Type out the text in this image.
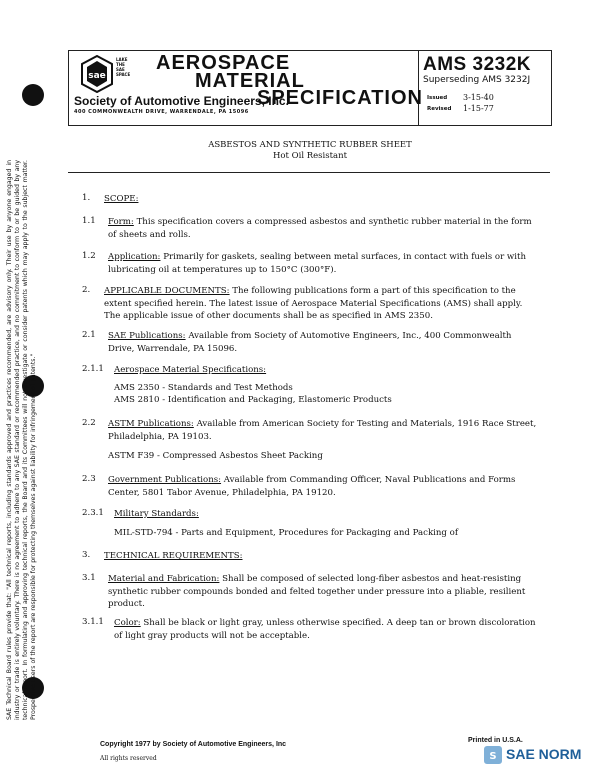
sae
LAKE
THE
SAE
SPACE
AEROSPACE
MATERIAL
SPECIFICATION
Society of Automotive Engineers, Inc.
400 COMMONWEALTH DRIVE, WARRENDALE, PA 15096
AMS 3232K
Superseding AMS 3232J
Issued 3-15-40
Revised 1-15-77
ASBESTOS AND SYNTHETIC RUBBER SHEET
Hot Oil Resistant
SAE Technical Board rules provide that: "All technical reports, including standards approved and practices recommended, are advisory only. Their use by anyone engaged in industry or trade is entirely voluntary. There is no agreement to adhere to any SAE standard or recommended practice, and no commitment to conform to or be guided by any technical report. In formulating and approving technical reports, the Board and its Committees will not investigate or consider patents which may apply to the subject matter. Prospective users of the report are responsible for protecting themselves against liability for infringement of patents."
1. SCOPE:
1.1 Form: This specification covers a compressed asbestos and synthetic rubber material in the form of sheets and rolls.
1.2 Application: Primarily for gaskets, sealing between metal surfaces, in contact with fuels or with lubricating oil at temperatures up to 150°C (300°F).
2. APPLICABLE DOCUMENTS: The following publications form a part of this specification to the extent specified herein. The latest issue of Aerospace Material Specifications (AMS) shall apply. The applicable issue of other documents shall be as specified in AMS 2350.
2.1 SAE Publications: Available from Society of Automotive Engineers, Inc., 400 Commonwealth Drive, Warrendale, PA 15096.
2.1.1 Aerospace Material Specifications:
AMS 2350 - Standards and Test Methods
AMS 2810 - Identification and Packaging, Elastomeric Products
2.2 ASTM Publications: Available from American Society for Testing and Materials, 1916 Race Street, Philadelphia, PA 19103.
ASTM F39 - Compressed Asbestos Sheet Packing
2.3 Government Publications: Available from Commanding Officer, Naval Publications and Forms Center, 5801 Tabor Avenue, Philadelphia, PA 19120.
2.3.1 Military Standards:
MIL-STD-794 - Parts and Equipment, Procedures for Packaging and Packing of
3. TECHNICAL REQUIREMENTS:
3.1 Material and Fabrication: Shall be composed of selected long-fiber asbestos and heat-resisting synthetic rubber compounds bonded and felted together under pressure into a pliable, resilient product.
3.1.1 Color: Shall be black or light gray, unless otherwise specified. A deep tan or brown discoloration of light gray products will not be acceptable.
Copyright 1977 by Society of Automotive Engineers, Inc
All rights reserved
Printed in U.S.A.
S SAE NORM
